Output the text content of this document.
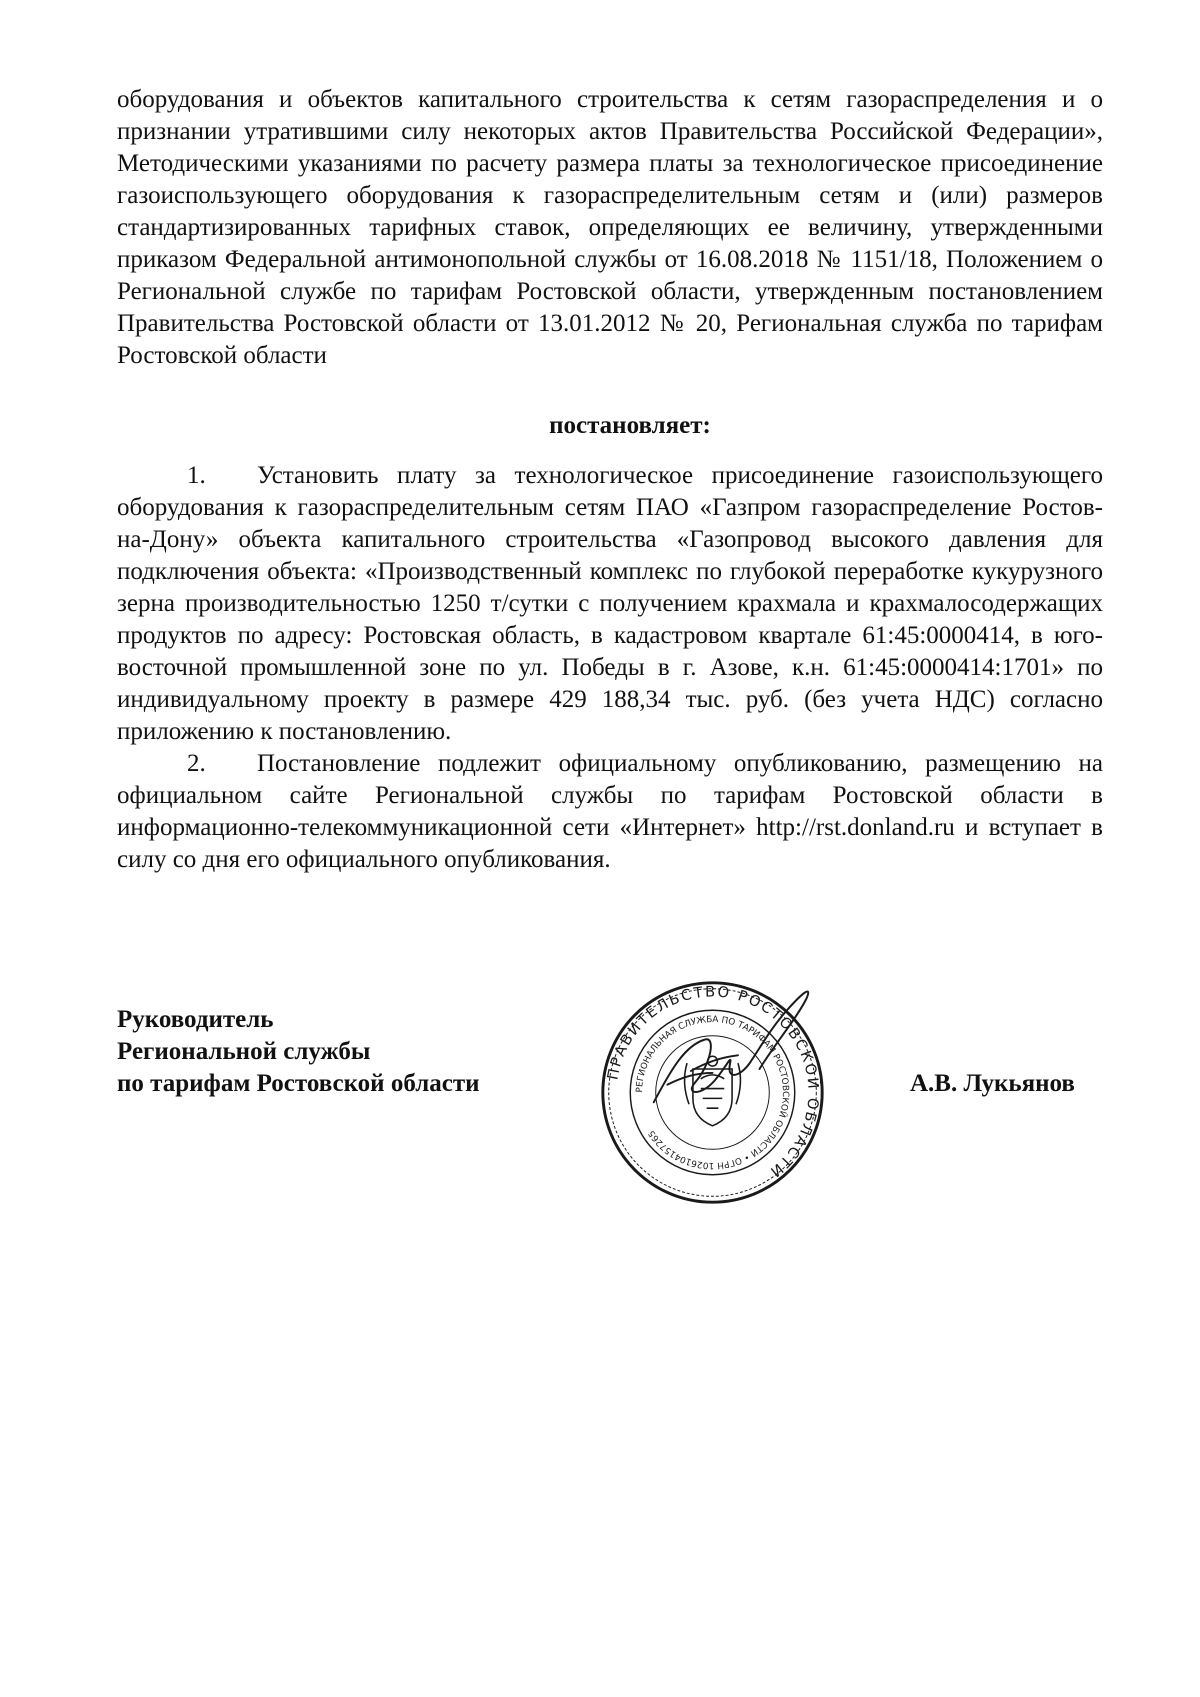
оборудования и объектов капитального строительства к сетям газораспределения и о признании утратившими силу некоторых актов Правительства Российской Федерации», Методическими указаниями по расчету размера платы за технологическое присоединение газоиспользующего оборудования к газораспределительным сетям и (или) размеров стандартизированных тарифных ставок, определяющих ее величину, утвержденными приказом Федеральной антимонопольной службы от 16.08.2018 № 1151/18, Положением о Региональной службе по тарифам Ростовской области, утвержденным постановлением Правительства Ростовской области от 13.01.2012 № 20, Региональная служба по тарифам Ростовской области

постановляет:

1. Установить плату за технологическое присоединение газоиспользующего оборудования к газораспределительным сетям ПАО «Газпром газораспределение Ростов-на-Дону» объекта капитального строительства «Газопровод высокого давления для подключения объекта: «Производственный комплекс по глубокой переработке кукурузного зерна производительностью 1250 т/сутки с получением крахмала и крахмалосодержащих продуктов по адресу: Ростовская область, в кадастровом квартале 61:45:0000414, в юго-восточной промышленной зоне по ул. Победы в г. Азове, к.н. 61:45:0000414:1701» по индивидуальному проекту в размере 429 188,34 тыс. руб. (без учета НДС) согласно приложению к постановлению.

2. Постановление подлежит официальному опубликованию, размещению на официальном сайте Региональной службы по тарифам Ростовской области в информационно-телекоммуникационной сети «Интернет» http://rst.donland.ru и вступает в силу со дня его официального опубликования.

Руководитель
Региональной службы
по тарифам Ростовской области	ПРАВИТЕЛЬСТВО РОСТОВСКОЙ ОБЛАСТИ
РЕГИОНАЛЬНАЯ СЛУЖБА ПО ТАРИФАМ РОСТОВСКОЙ ОБЛАСТИ • ОГРН 1026104157265
А.В. Лукьянов
